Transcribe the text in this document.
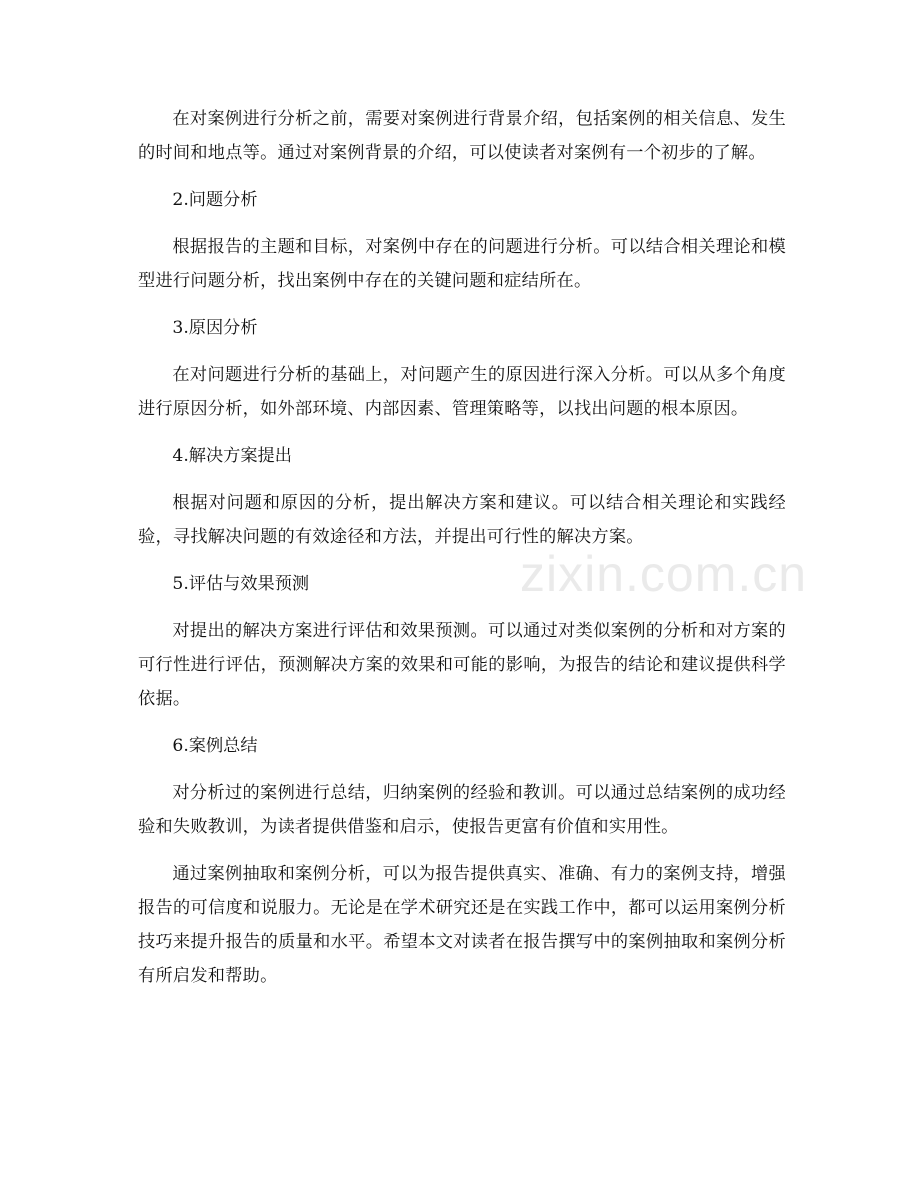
在对案例进行分析之前，需要对案例进行背景介绍，包括案例的相关信息、发生的时间和地点等。通过对案例背景的介绍，可以使读者对案例有一个初步的了解。

2.问题分析

根据报告的主题和目标，对案例中存在的问题进行分析。可以结合相关理论和模型进行问题分析，找出案例中存在的关键问题和症结所在。

3.原因分析

在对问题进行分析的基础上，对问题产生的原因进行深入分析。可以从多个角度进行原因分析，如外部环境、内部因素、管理策略等，以找出问题的根本原因。

4.解决方案提出

根据对问题和原因的分析，提出解决方案和建议。可以结合相关理论和实践经验，寻找解决问题的有效途径和方法，并提出可行性的解决方案。

5.评估与效果预测

对提出的解决方案进行评估和效果预测。可以通过对类似案例的分析和对方案的可行性进行评估，预测解决方案的效果和可能的影响，为报告的结论和建议提供科学依据。

6.案例总结

对分析过的案例进行总结，归纳案例的经验和教训。可以通过总结案例的成功经验和失败教训，为读者提供借鉴和启示，使报告更富有价值和实用性。

通过案例抽取和案例分析，可以为报告提供真实、准确、有力的案例支持，增强报告的可信度和说服力。无论是在学术研究还是在实践工作中，都可以运用案例分析技巧来提升报告的质量和水平。希望本文对读者在报告撰写中的案例抽取和案例分析有所启发和帮助。

zixin.com.cn
